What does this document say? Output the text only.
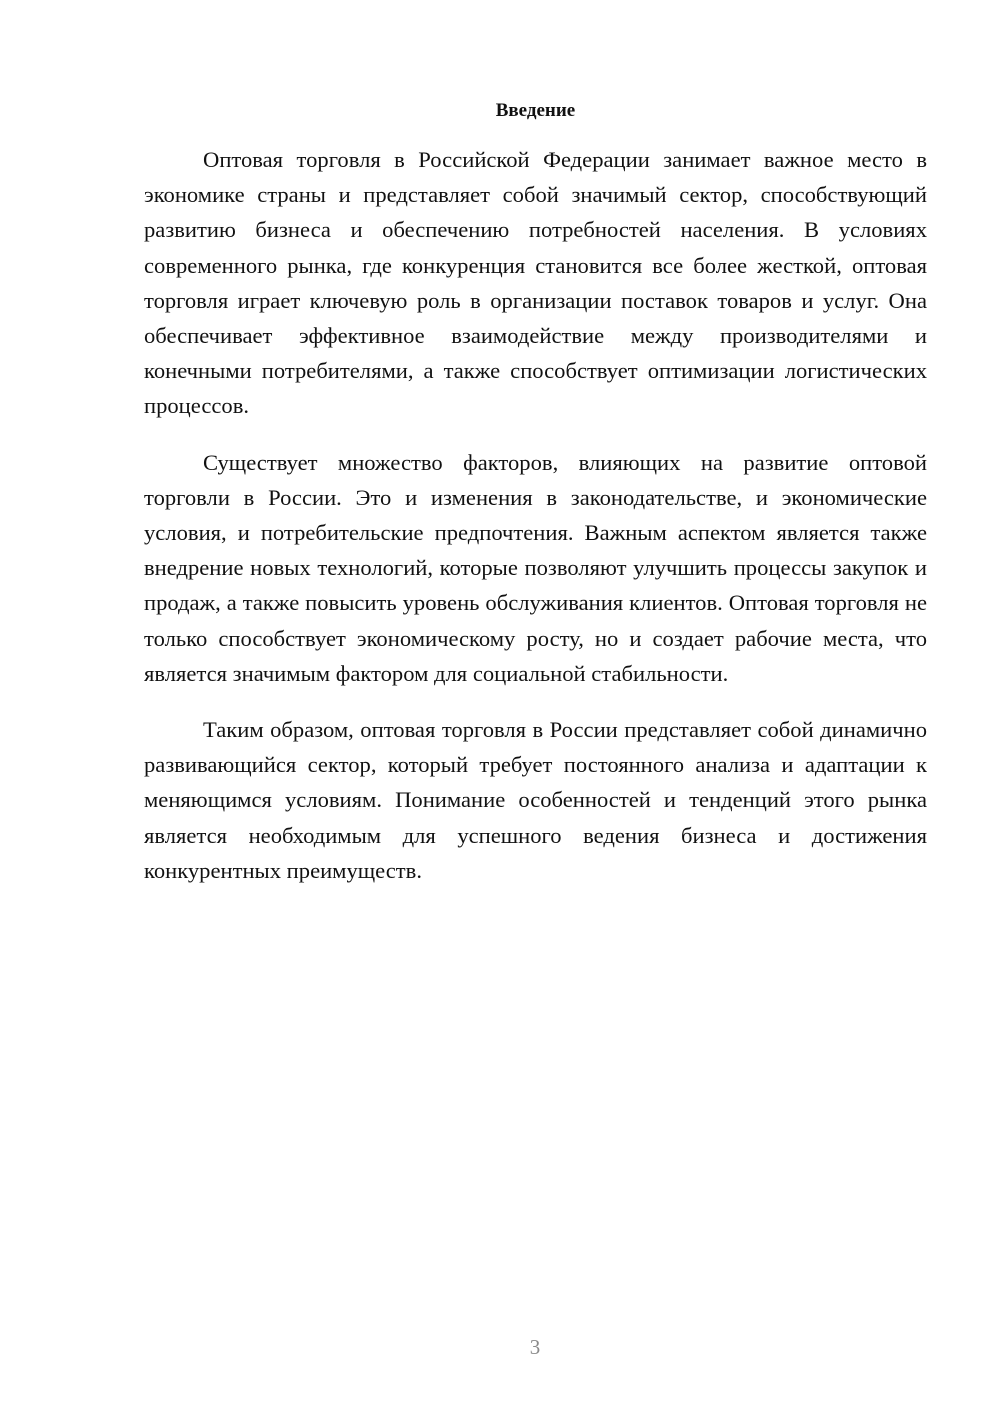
Введение

Оптовая торговля в Российской Федерации занимает важное место в экономике страны и представляет собой значимый сектор, способствующий развитию бизнеса и обеспечению потребностей населения. В условиях современного рынка, где конкуренция становится все более жесткой, оптовая торговля играет ключевую роль в организации поставок товаров и услуг. Она обеспечивает эффективное взаимодействие между производителями и конечными потребителями, а также способствует оптимизации логистических процессов.

Существует множество факторов, влияющих на развитие оптовой торговли в России. Это и изменения в законодательстве, и экономические условия, и потребительские предпочтения. Важным аспектом является также внедрение новых технологий, которые позволяют улучшить процессы закупок и продаж, а также повысить уровень обслуживания клиентов. Оптовая торговля не только способствует экономическому росту, но и создает рабочие места, что является значимым фактором для социальной стабильности.

Таким образом, оптовая торговля в России представляет собой динамично развивающийся сектор, который требует постоянного анализа и адаптации к меняющимся условиям. Понимание особенностей и тенденций этого рынка является необходимым для успешного ведения бизнеса и достижения конкурентных преимуществ.

3
